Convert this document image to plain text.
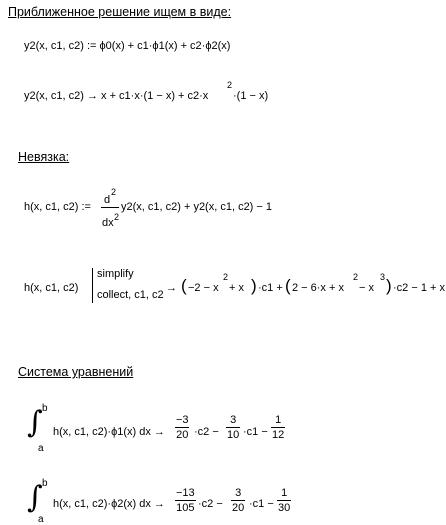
Приближенное решение ищем в виде:
Невязка:
Система уравнений
y2(x, c1, c2) := ϕ0(x) + c1·ϕ1(x) + c2·ϕ2(x)
y2(x, c1, c2) → x + c1·x·(1 − x) + c2·x
2
·(1 − x)
h(x, c1, c2) :=
d
2
dx 2
y2(x, c1, c2) + y2(x, c1, c2) − 1
h(x, c1, c2)
simplify
collect, c1, c2
→ ( −2 − x
2
+ x ) ·c1 + ( 2 − 6·x + x
2
− x
3 ) ·c2 − 1 + x
∫ b
a
h(x, c1, c2)·ϕ1(x) dx → $\frac{-3}{20} \cdot c2 - \frac{3}{10} \cdot c1 - \frac{1}{12}$
∫ b
a
h(x, c1, c2)·ϕ2(x) dx → $\frac{-13}{105} \cdot c2 - \frac{3}{20} \cdot c1 - \frac{1}{30}$
